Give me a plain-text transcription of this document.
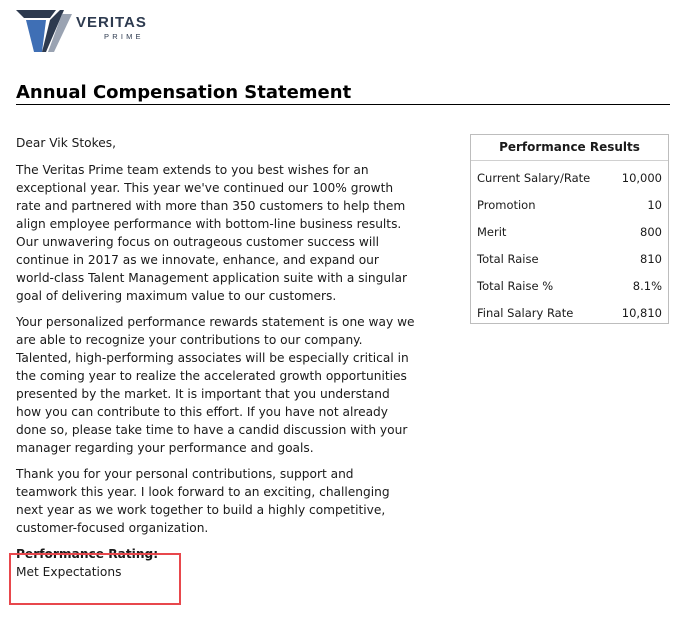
VERITAS
PRIME
Annual Compensation Statement

Dear Vik Stokes,

The Veritas Prime team extends to you best wishes for an exceptional year. This year we've continued our 100% growth rate and partnered with more than 350 customers to help them align employee performance with bottom-line business results. Our unwavering focus on outrageous customer success will continue in 2017 as we innovate, enhance, and expand our world-class Talent Management application suite with a singular goal of delivering maximum value to our customers.

Your personalized performance rewards statement is one way we are able to recognize your contributions to our company. Talented, high-performing associates will be especially critical in the coming year to realize the accelerated growth opportunities presented by the market. It is important that you understand how you can contribute to this effort. If you have not already done so, please take time to have a candid discussion with your manager regarding your performance and goals.

Thank you for your personal contributions, support and teamwork this year. I look forward to an exciting, challenging next year as we work together to build a highly competitive, customer-focused organization.

Performance Rating:
Met Expectations
Performance Results
Current Salary/Rate	10,000
Promotion	10
Merit	800
Total Raise	810
Total Raise %	8.1%
Final Salary Rate	10,810
